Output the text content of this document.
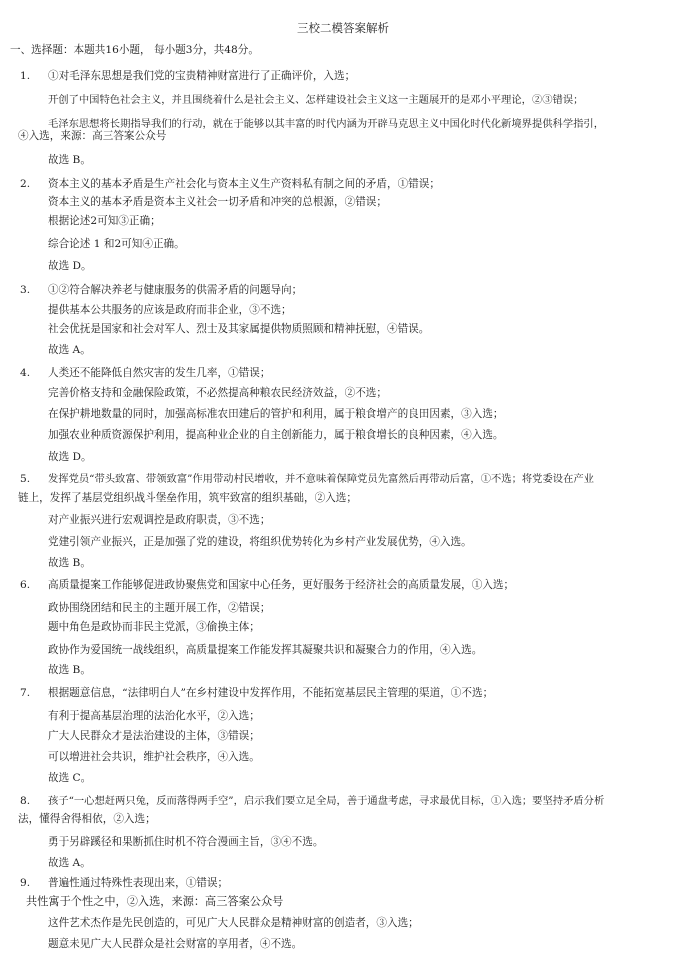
三校二模答案解析
一、选择题：本题共16小题， 每小题3分，共48分。
1. ①对毛泽东思想是我们党的宝贵精神财富进行了正确评价，入选；
开创了中国特色社会主义，并且围绕着什么是社会主义、怎样建设社会主义这一主题展开的是邓小平理论，②③错误；
毛泽东思想将长期指导我们的行动，就在于能够以其丰富的时代内涵为开辟马克思主义中国化时代化新境界提供科学指引，
④入选，来源：高三答案公众号
故选 B。
2. 资本主义的基本矛盾是生产社会化与资本主义生产资料私有制之间的矛盾，①错误；
资本主义的基本矛盾是资本主义社会一切矛盾和冲突的总根源，②错误；
根据论述2可知③正确；
综合论述 1 和2可知④正确。
故选 D。
3. ①②符合解决养老与健康服务的供需矛盾的问题导向；
提供基本公共服务的应该是政府而非企业，③不选；
社会优抚是国家和社会对军人、烈士及其家属提供物质照顾和精神抚慰，④错误。
故选 A。
4. 人类还不能降低自然灾害的发生几率，①错误；
完善价格支持和金融保险政策，不必然提高种粮农民经济效益，②不选；
在保护耕地数量的同时，加强高标准农田建后的管护和利用，属于粮食增产的良田因素，③入选；
加强农业种质资源保护利用，提高种业企业的自主创新能力，属于粮食增长的良种因素，④入选。
故选 D。
5. 发挥党员“带头致富、带领致富”作用带动村民增收，并不意味着保障党员先富然后再带动后富，①不选；将党委设在产业
链上，发挥了基层党组织战斗堡垒作用，筑牢致富的组织基础，②入选；
对产业振兴进行宏观调控是政府职责，③不选；
党建引领产业振兴，正是加强了党的建设，将组织优势转化为乡村产业发展优势，④入选。
故选 B。
6. 高质量提案工作能够促进政协聚焦党和国家中心任务，更好服务于经济社会的高质量发展，①入选；
政协围绕团结和民主的主题开展工作，②错误；
题中角色是政协而非民主党派，③偷换主体；
政协作为爱国统一战线组织，高质量提案工作能发挥其凝聚共识和凝聚合力的作用，④入选。
故选 B。
7. 根据题意信息，“法律明白人”在乡村建设中发挥作用，不能拓宽基层民主管理的渠道，①不选；
有利于提高基层治理的法治化水平，②入选；
广大人民群众才是法治建设的主体，③错误；
可以增进社会共识，维护社会秩序，④入选。
故选 C。
8. 孩子“一心想赶两只兔，反而落得两手空”，启示我们要立足全局，善于通盘考虑，寻求最优目标，①入选；要坚持矛盾分析
法，懂得舍得相依，②入选；
勇于另辟蹊径和果断抓住时机不符合漫画主旨，③④不选。
故选 A。
9. 普遍性通过特殊性表现出来，①错误；
共性寓于个性之中，②入选，来源：高三答案公众号
这件艺术杰作是先民创造的，可见广大人民群众是精神财富的创造者，③入选；
题意未见广大人民群众是社会财富的享用者，④不选。
